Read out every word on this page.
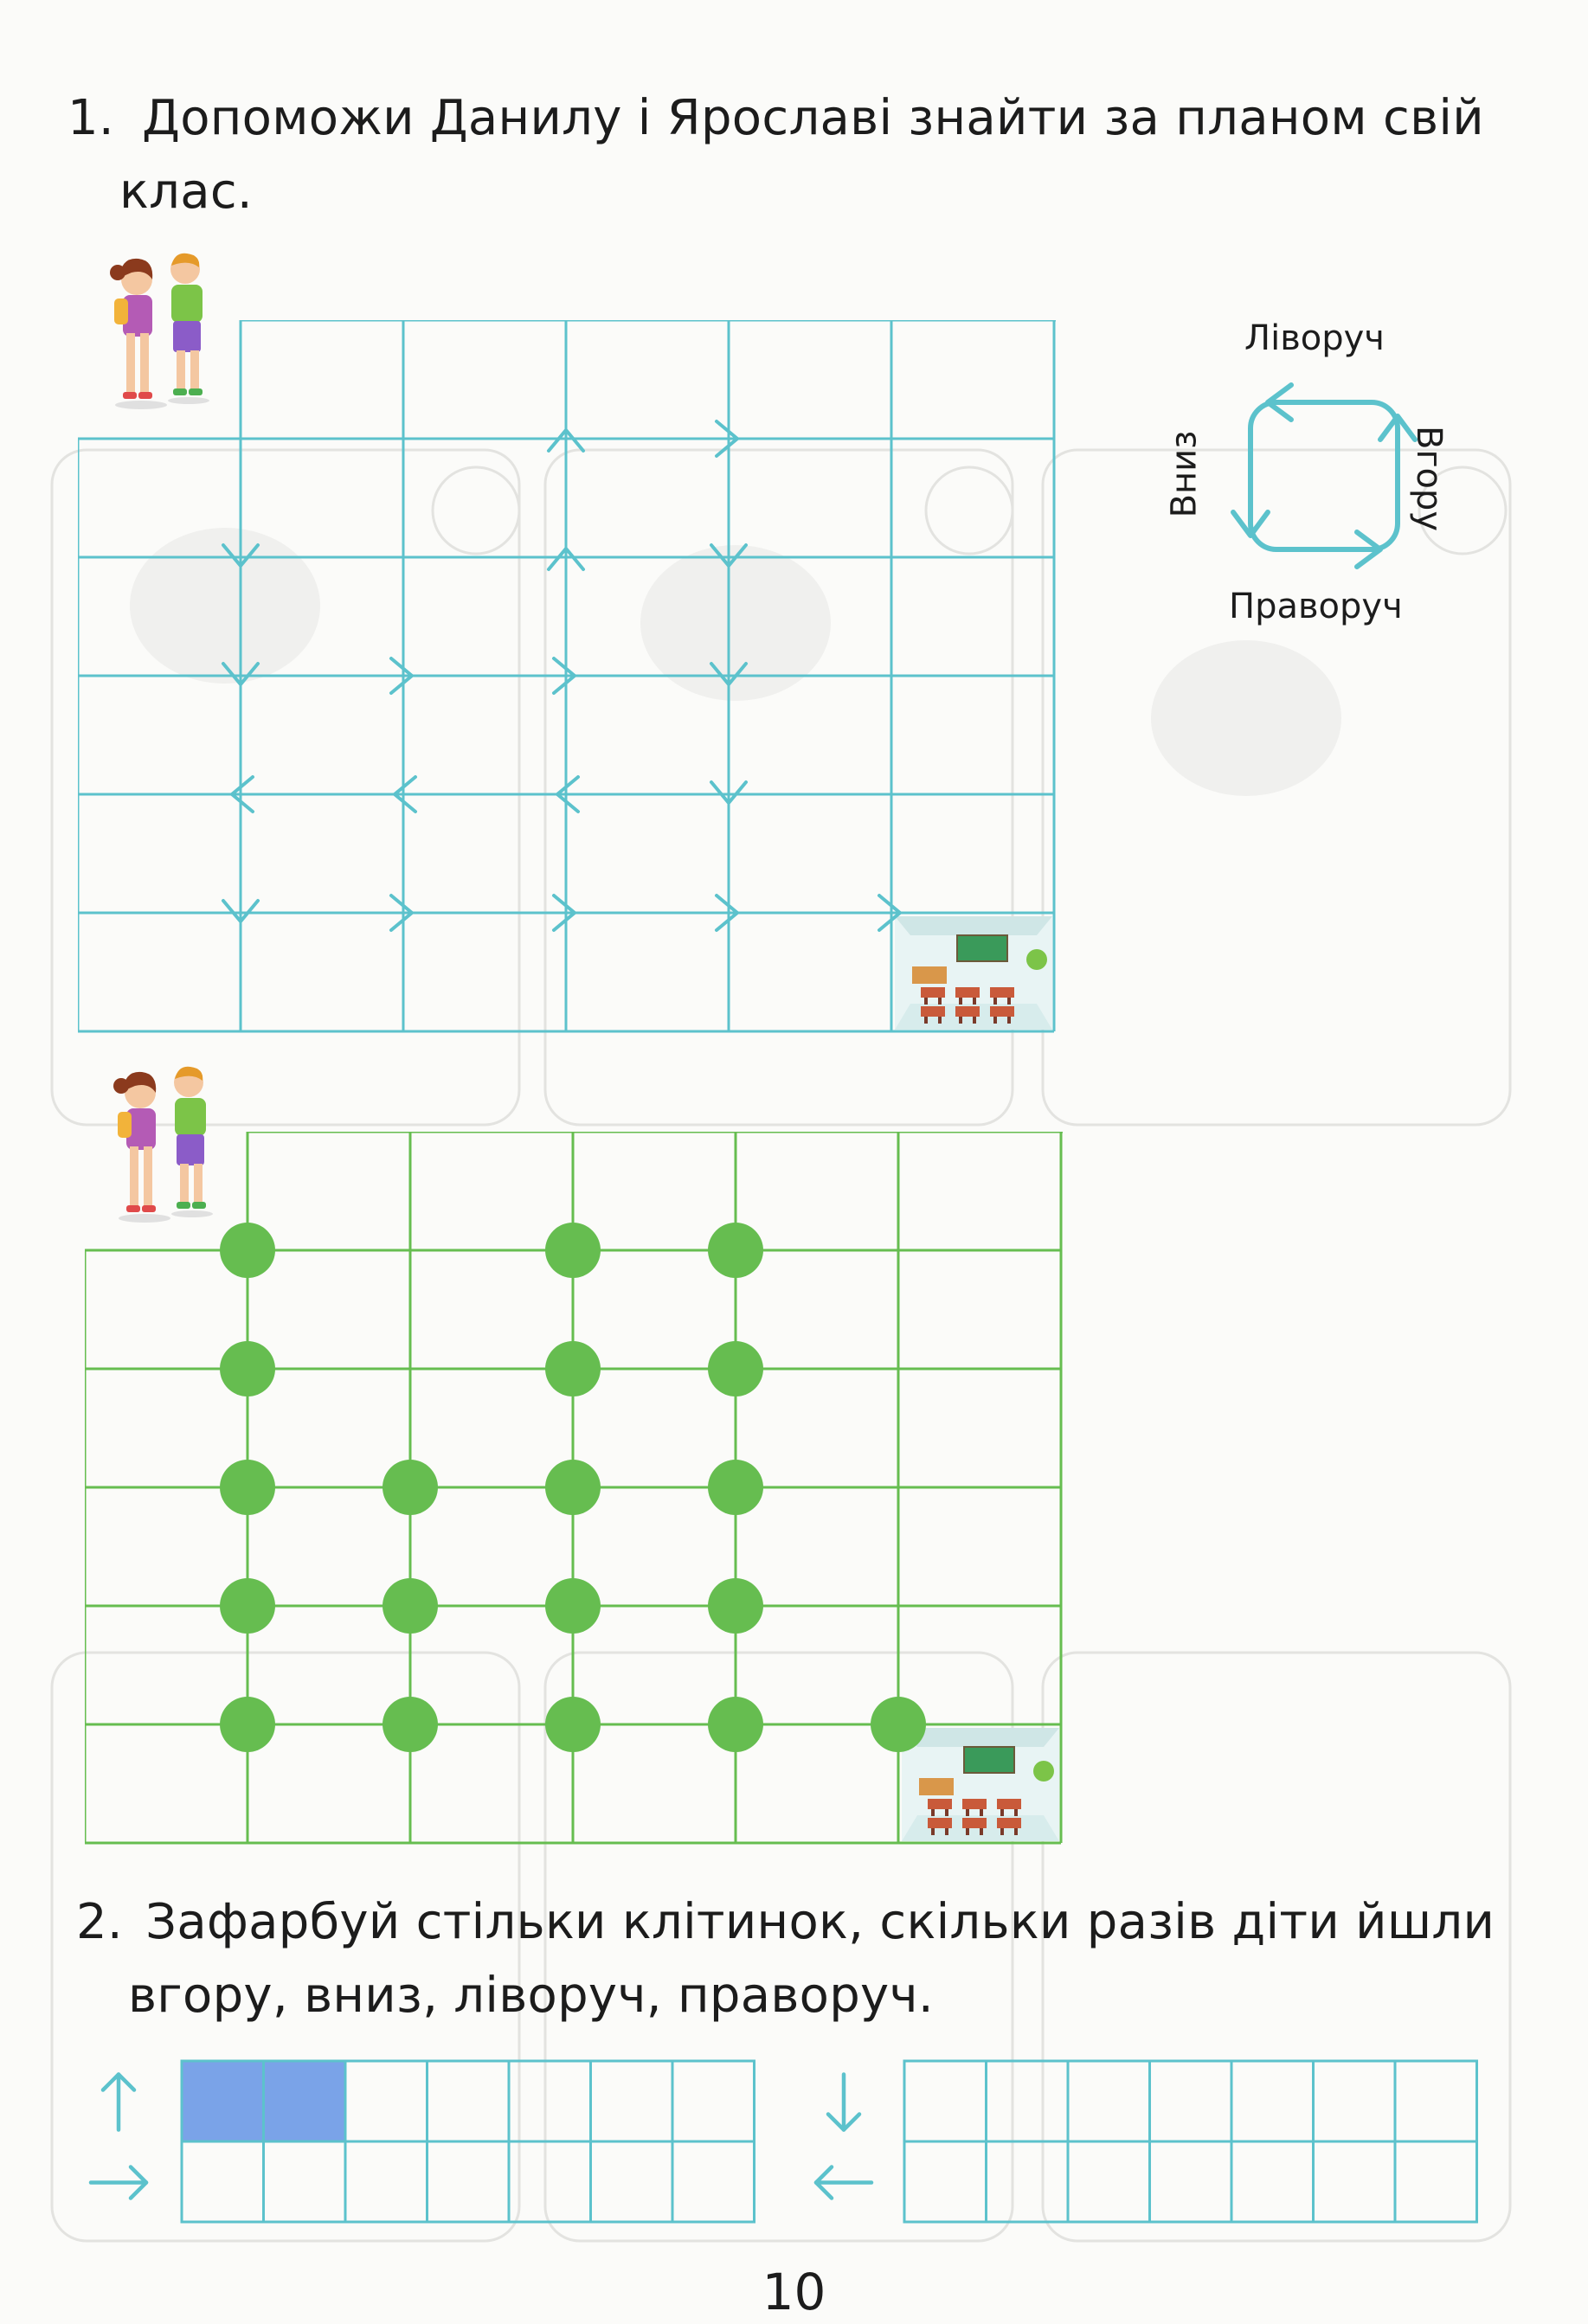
1. Допоможи Данилу і Ярославі знайти за планом свій
клас.
Ліворуч
Праворуч
Вниз	Вгору
2. Зафарбуй стільки клітинок, скільки разів діти йшли
вгору, вниз, ліворуч, праворуч.
10
